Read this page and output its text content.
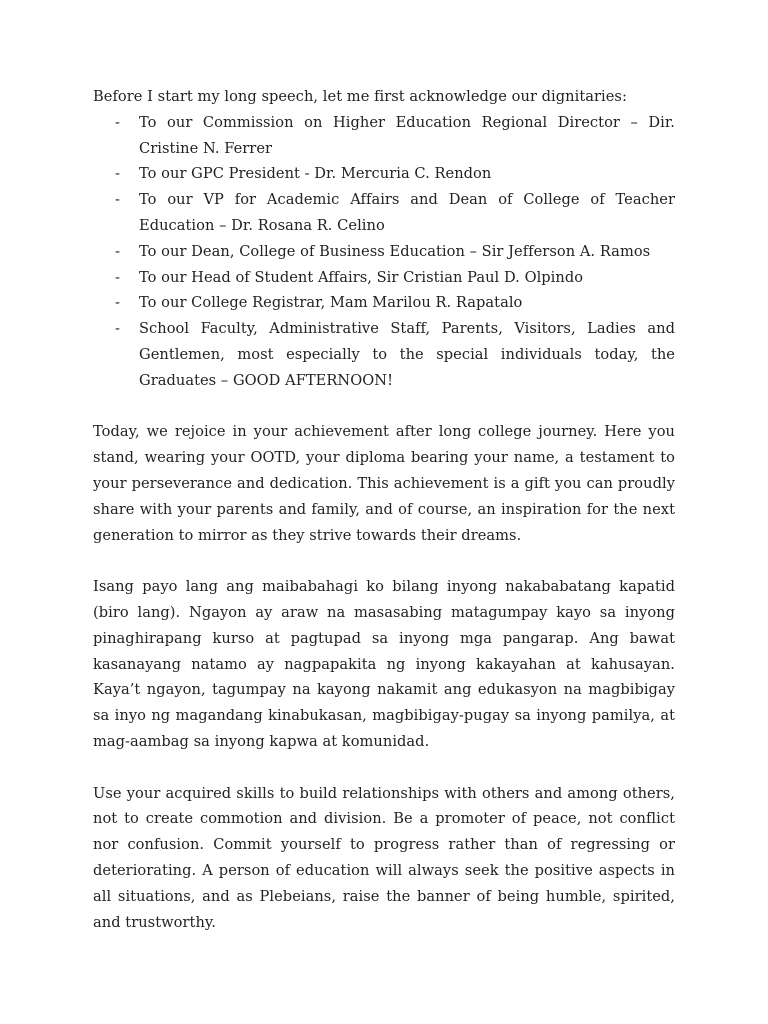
Before I start my long speech, let me first acknowledge our dignitaries:

- To our Commission on Higher Education Regional Director – Dir. Cristine N. Ferrer
- To our GPC President - Dr. Mercuria C. Rendon
- To our VP for Academic Affairs and Dean of College of Teacher Education – Dr. Rosana R. Celino
- To our Dean, College of Business Education – Sir Jefferson A. Ramos
- To our Head of Student Affairs, Sir Cristian Paul D. Olpindo
- To our College Registrar, Mam Marilou R. Rapatalo
- School Faculty, Administrative Staff, Parents, Visitors, Ladies and Gentlemen, most especially to the special individuals today, the Graduates – GOOD AFTERNOON!

Today, we rejoice in your achievement after long college journey. Here you stand, wearing your OOTD, your diploma bearing your name, a testament to your perseverance and dedication. This achievement is a gift you can proudly share with your parents and family, and of course, an inspiration for the next generation to mirror as they strive towards their dreams.

Isang payo lang ang maibabahagi ko bilang inyong nakababatang kapatid (biro lang). Ngayon ay araw na masasabing matagumpay kayo sa inyong pinaghirapang kurso at pagtupad sa inyong mga pangarap. Ang bawat kasanayang natamo ay nagpapakita ng inyong kakayahan at kahusayan. Kaya’t ngayon, tagumpay na kayong nakamit ang edukasyon na magbibigay sa inyo ng magandang kinabukasan, magbibigay-pugay sa inyong pamilya, at mag-aambag sa inyong kapwa at komunidad.

Use your acquired skills to build relationships with others and among others, not to create commotion and division. Be a promoter of peace, not conflict nor confusion. Commit yourself to progress rather than of regressing or deteriorating. A person of education will always seek the positive aspects in all situations, and as Plebeians, raise the banner of being humble, spirited, and trustworthy.
